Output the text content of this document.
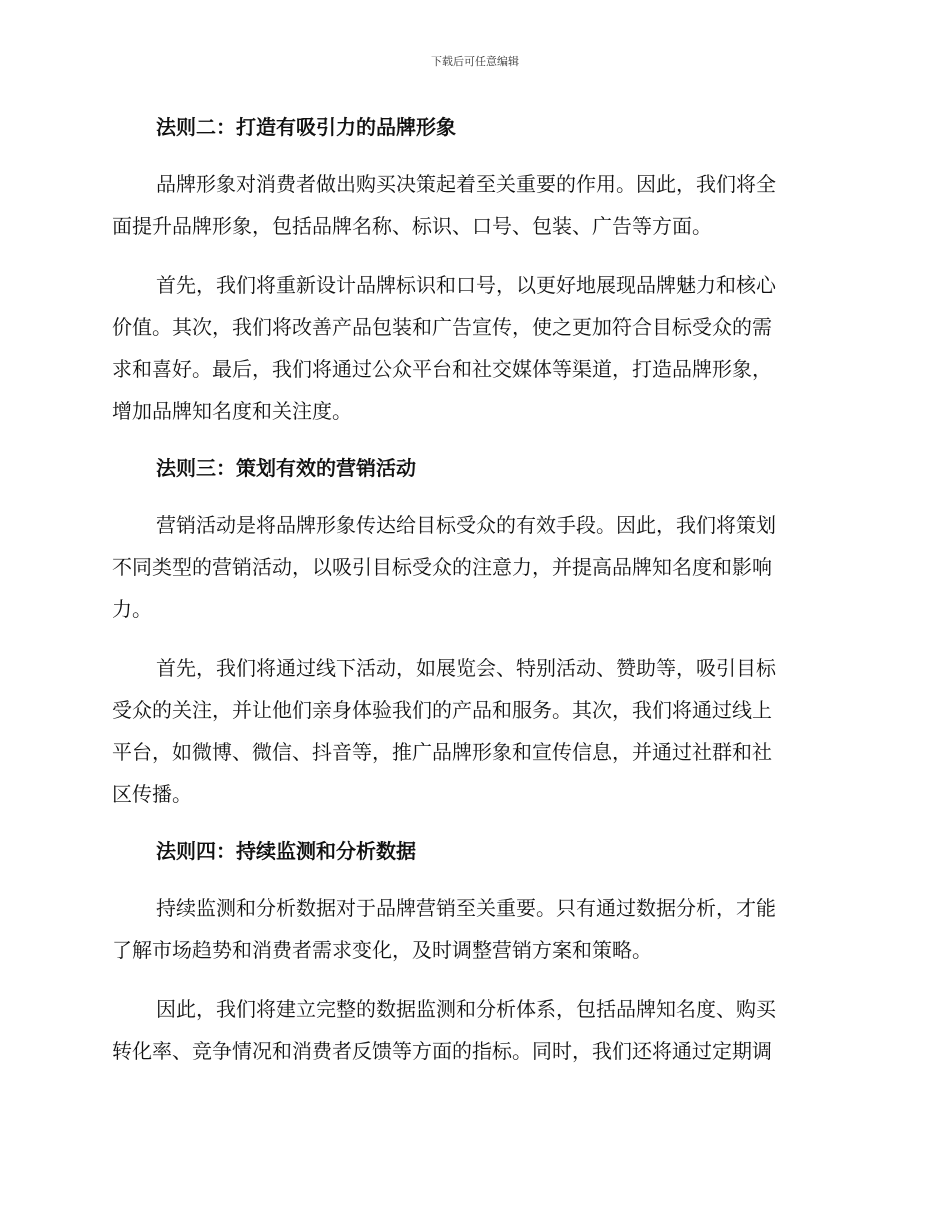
下载后可任意编辑
法则二：打造有吸引力的品牌形象

品牌形象对消费者做出购买决策起着至关重要的作用。因此，我们将全
面提升品牌形象，包括品牌名称、标识、口号、包装、广告等方面。

首先，我们将重新设计品牌标识和口号，以更好地展现品牌魅力和核心
价值。其次，我们将改善产品包装和广告宣传，使之更加符合目标受众的需
求和喜好。最后，我们将通过公众平台和社交媒体等渠道，打造品牌形象，
增加品牌知名度和关注度。

法则三：策划有效的营销活动

营销活动是将品牌形象传达给目标受众的有效手段。因此，我们将策划
不同类型的营销活动，以吸引目标受众的注意力，并提高品牌知名度和影响
力。

首先，我们将通过线下活动，如展览会、特别活动、赞助等，吸引目标
受众的关注，并让他们亲身体验我们的产品和服务。其次，我们将通过线上
平台，如微博、微信、抖音等，推广品牌形象和宣传信息，并通过社群和社
区传播。

法则四：持续监测和分析数据

持续监测和分析数据对于品牌营销至关重要。只有通过数据分析，才能
了解市场趋势和消费者需求变化，及时调整营销方案和策略。

因此，我们将建立完整的数据监测和分析体系，包括品牌知名度、购买
转化率、竞争情况和消费者反馈等方面的指标。同时，我们还将通过定期调
